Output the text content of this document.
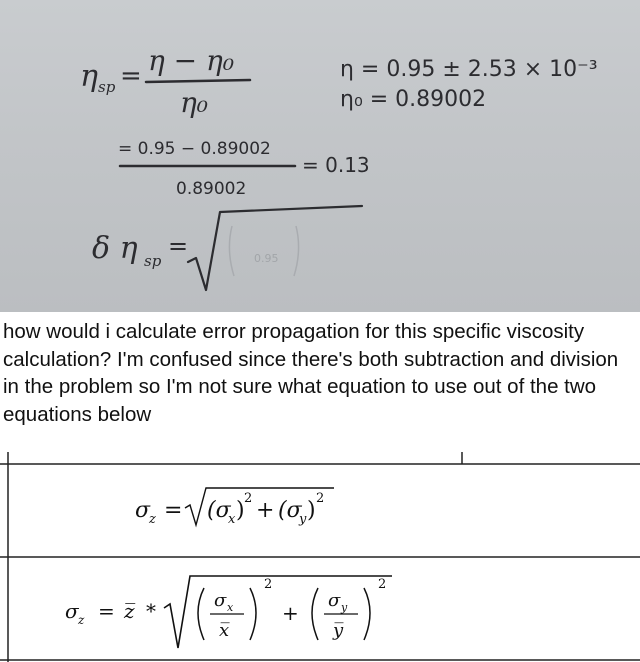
η sp = η − η₀
η₀
η = 0.95 ± 2.53 × 10⁻³
η₀ = 0.89002
= 0.95 − 0.89002
0.89002
= 0.13
δ η sp
=	0.95

how would i calculate error propagation for this specific viscosity calculation? I'm confused since there's both subtraction and division in the problem so I'm not sure what equation to use out of the two equations below

σ
z = (σ
x ) 2 + (σ
y ) 2
σ z = z̅ *	σ x
x̅
2
+
σ y
y̅
2
